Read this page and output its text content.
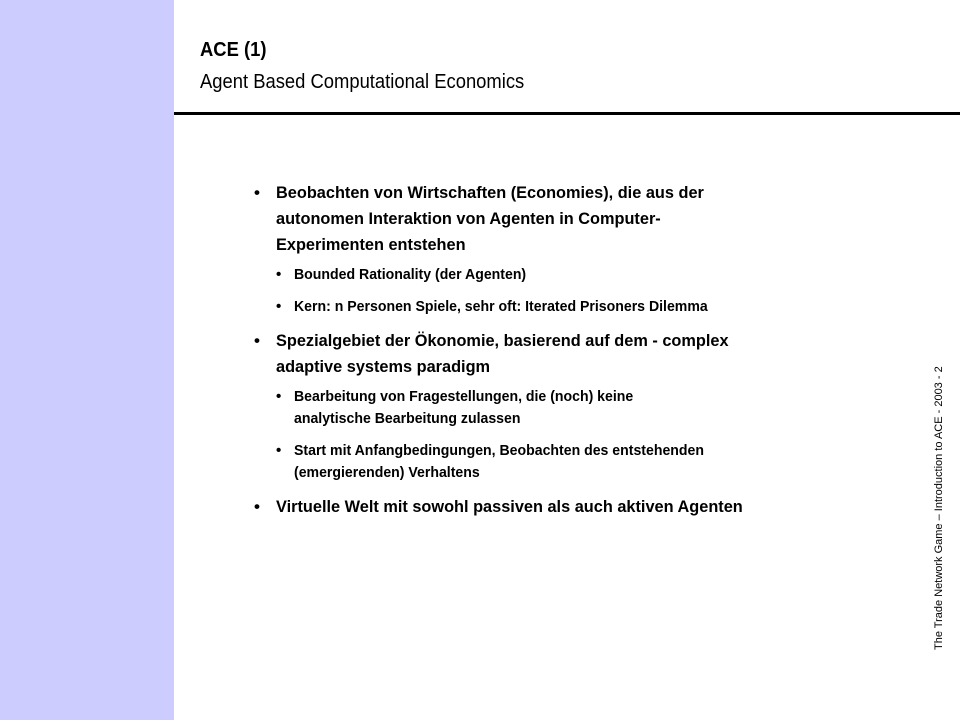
ACE (1)
Agent Based Computational Economics
The Trade Network Game – Introduction to ACE - 2003 - 2
• Beobachten von Wirtschaften (Economies), die aus der
autonomen Interaktion von Agenten in Computer-
Experimenten entstehen
• Bounded Rationality (der Agenten)
• Kern: n Personen Spiele, sehr oft: Iterated Prisoners Dilemma
• Spezialgebiet der Ökonomie, basierend auf dem - complex
adaptive systems paradigm
• Bearbeitung von Fragestellungen, die (noch) keine
analytische Bearbeitung zulassen
• Start mit Anfangbedingungen, Beobachten des entstehenden
(emergierenden) Verhaltens
• Virtuelle Welt mit sowohl passiven als auch aktiven Agenten
